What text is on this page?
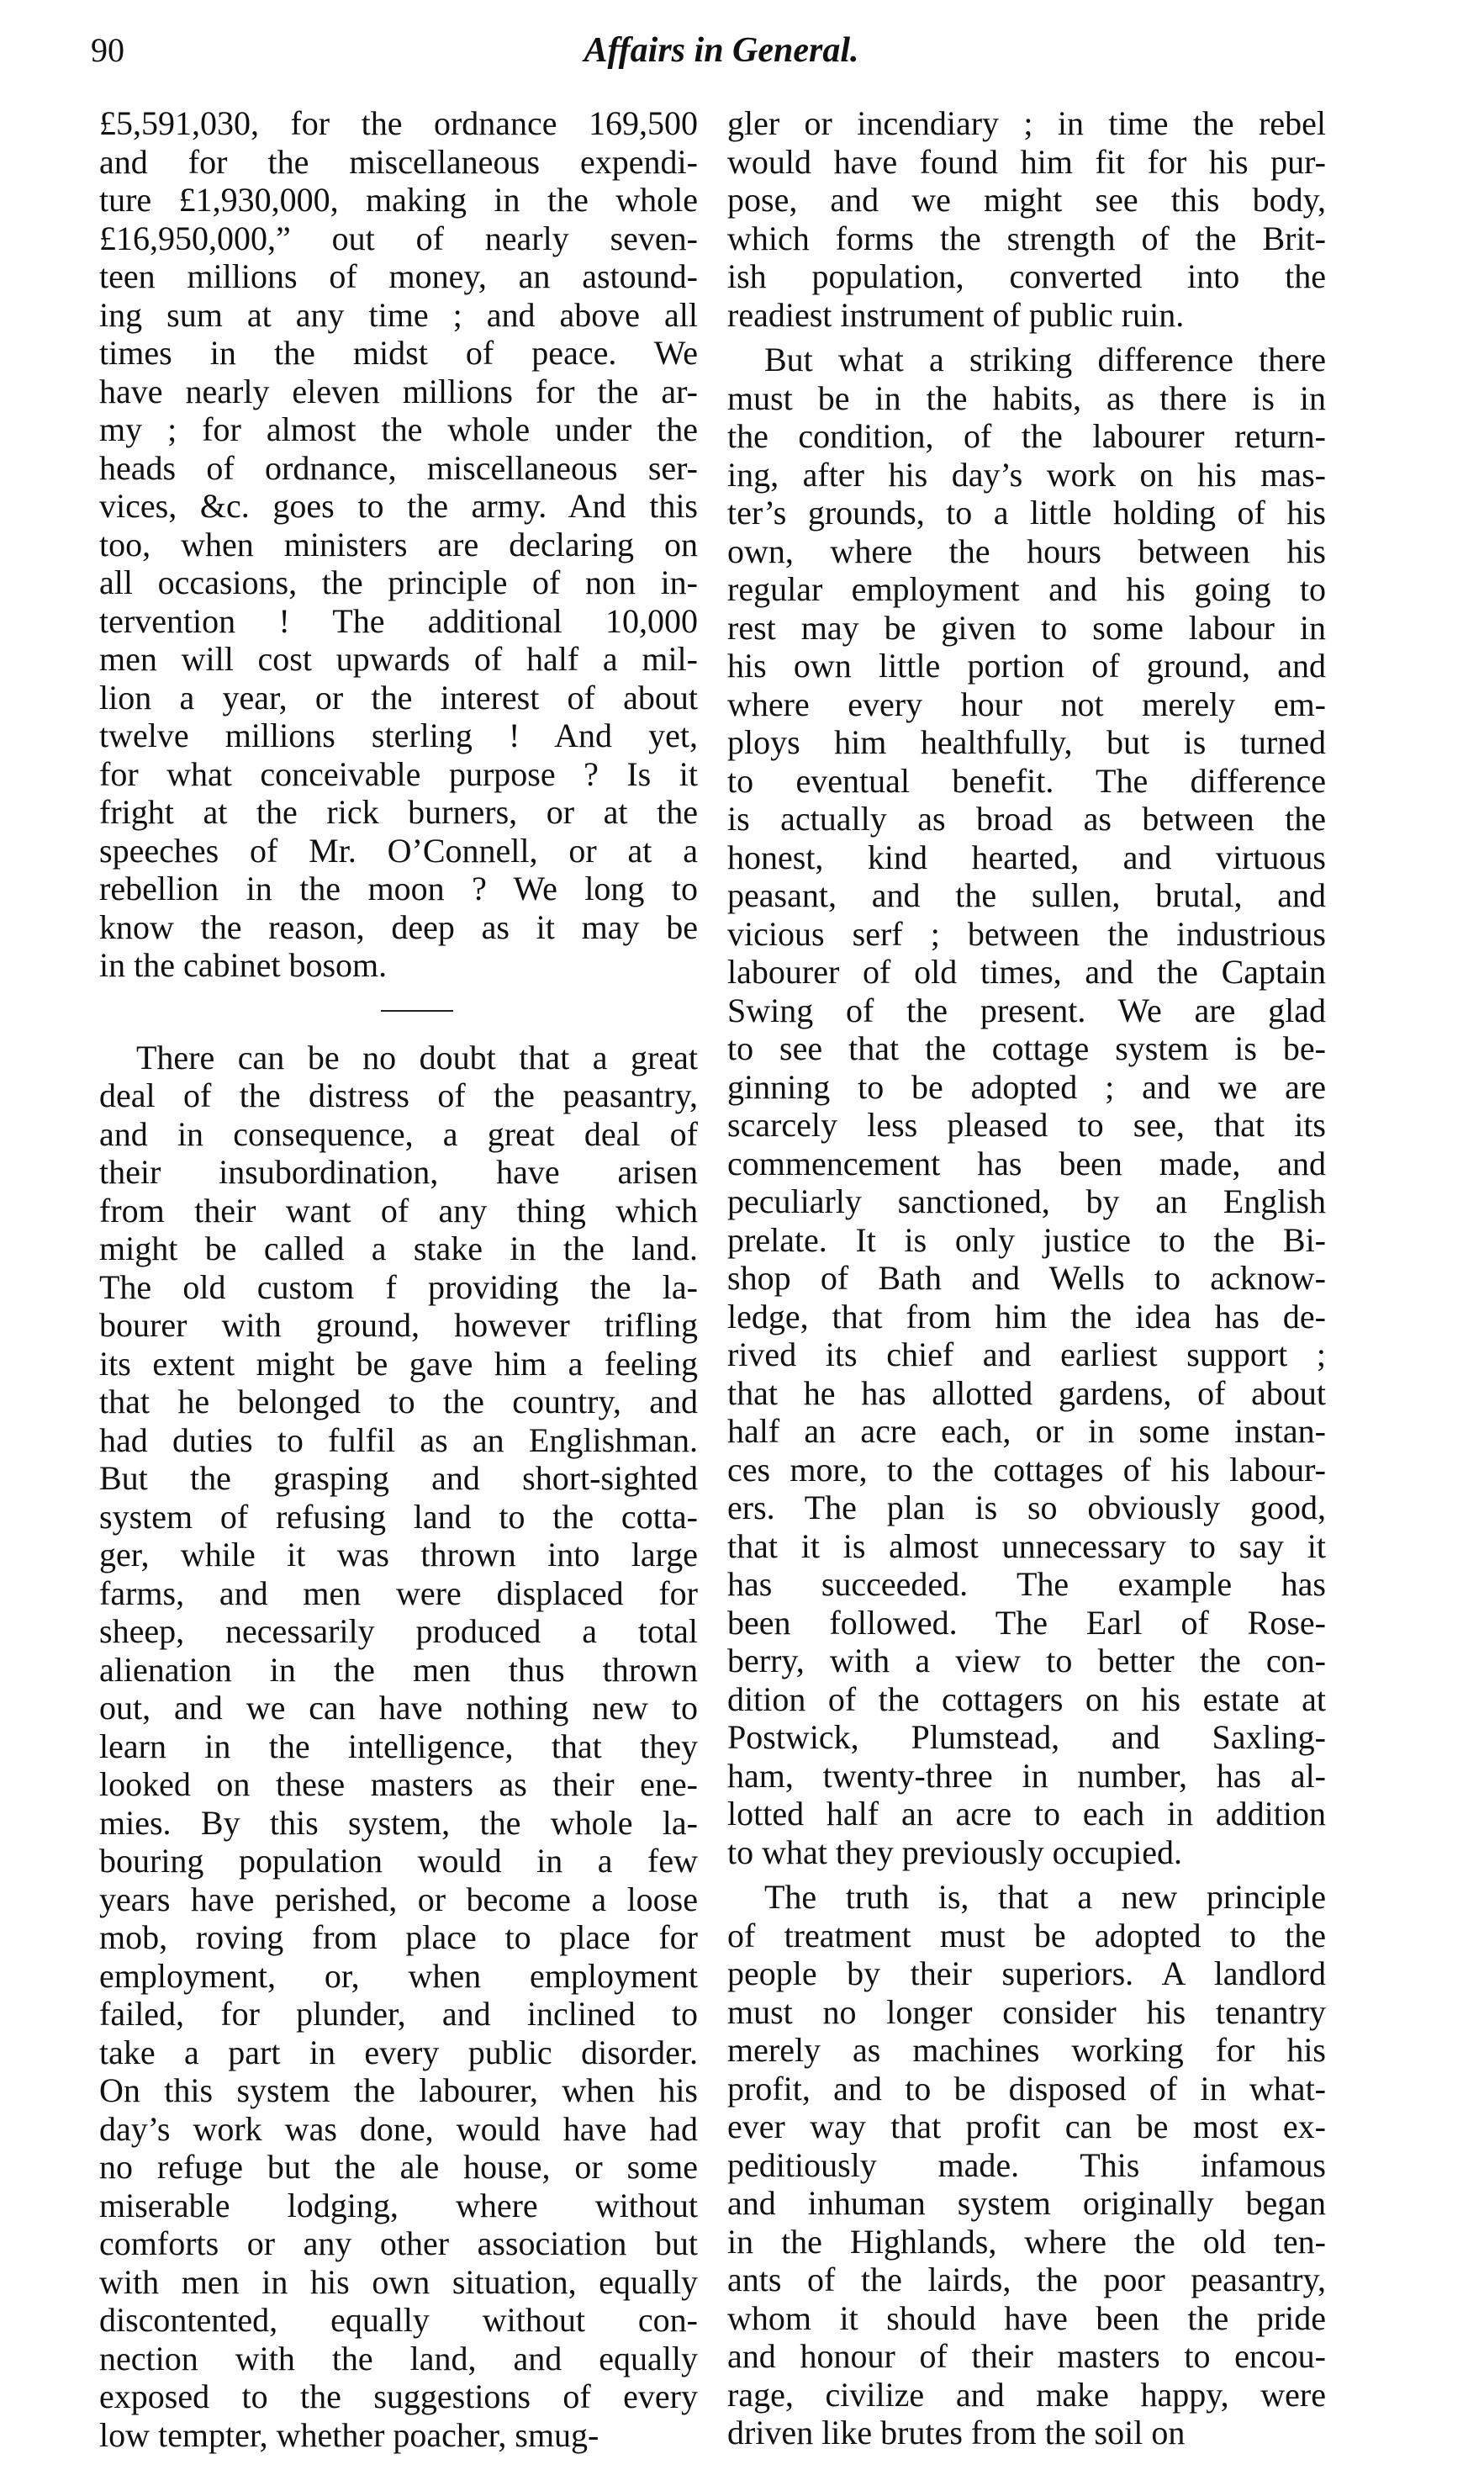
90	Affairs in General.
£5,591,030, for the ordnance 169,500
and for the miscellaneous expendi-
ture £1,930,000, making in the whole
£16,950,000,” out of nearly seven-
teen millions of money, an astound-
ing sum at any time ; and above all
times in the midst of peace. We
have nearly eleven millions for the ar-
my ; for almost the whole under the
heads of ordnance, miscellaneous ser-
vices, &c. goes to the army. And this
too, when ministers are declaring on
all occasions, the principle of non in-
tervention ! The additional 10,000
men will cost upwards of half a mil-
lion a year, or the interest of about
twelve millions sterling ! And yet,
for what conceivable purpose ? Is it
fright at the rick burners, or at the
speeches of Mr. O’Connell, or at a
rebellion in the moon ? We long to
know the reason, deep as it may be
in the cabinet bosom.
There can be no doubt that a great
deal of the distress of the peasantry,
and in consequence, a great deal of
their insubordination, have arisen
from their want of any thing which
might be called a stake in the land.
The old custom f providing the la-
bourer with ground, however trifling
its extent might be gave him a feeling
that he belonged to the country, and
had duties to fulfil as an Englishman.
But the grasping and short-sighted
system of refusing land to the cotta-
ger, while it was thrown into large
farms, and men were displaced for
sheep, necessarily produced a total
alienation in the men thus thrown
out, and we can have nothing new to
learn in the intelligence, that they
looked on these masters as their ene-
mies. By this system, the whole la-
bouring population would in a few
years have perished, or become a loose
mob, roving from place to place for
employment, or, when employment
failed, for plunder, and inclined to
take a part in every public disorder.
On this system the labourer, when his
day’s work was done, would have had
no refuge but the ale house, or some
miserable lodging, where without
comforts or any other association but
with men in his own situation, equally
discontented, equally without con-
nection with the land, and equally
exposed to the suggestions of every
low tempter, whether poacher, smug-
gler or incendiary ; in time the rebel
would have found him fit for his pur-
pose, and we might see this body,
which forms the strength of the Brit-
ish population, converted into the
readiest instrument of public ruin.
But what a striking difference there
must be in the habits, as there is in
the condition, of the labourer return-
ing, after his day’s work on his mas-
ter’s grounds, to a little holding of his
own, where the hours between his
regular employment and his going to
rest may be given to some labour in
his own little portion of ground, and
where every hour not merely em-
ploys him healthfully, but is turned
to eventual benefit. The difference
is actually as broad as between the
honest, kind hearted, and virtuous
peasant, and the sullen, brutal, and
vicious serf ; between the industrious
labourer of old times, and the Captain
Swing of the present. We are glad
to see that the cottage system is be-
ginning to be adopted ; and we are
scarcely less pleased to see, that its
commencement has been made, and
peculiarly sanctioned, by an English
prelate. It is only justice to the Bi-
shop of Bath and Wells to acknow-
ledge, that from him the idea has de-
rived its chief and earliest support ;
that he has allotted gardens, of about
half an acre each, or in some instan-
ces more, to the cottages of his labour-
ers. The plan is so obviously good,
that it is almost unnecessary to say it
has succeeded. The example has
been followed. The Earl of Rose-
berry, with a view to better the con-
dition of the cottagers on his estate at
Postwick, Plumstead, and Saxling-
ham, twenty-three in number, has al-
lotted half an acre to each in addition
to what they previously occupied.
The truth is, that a new principle
of treatment must be adopted to the
people by their superiors. A landlord
must no longer consider his tenantry
merely as machines working for his
profit, and to be disposed of in what-
ever way that profit can be most ex-
peditiously made. This infamous
and inhuman system originally began
in the Highlands, where the old ten-
ants of the lairds, the poor peasantry,
whom it should have been the pride
and honour of their masters to encou-
rage, civilize and make happy, were
driven like brutes from the soil on
